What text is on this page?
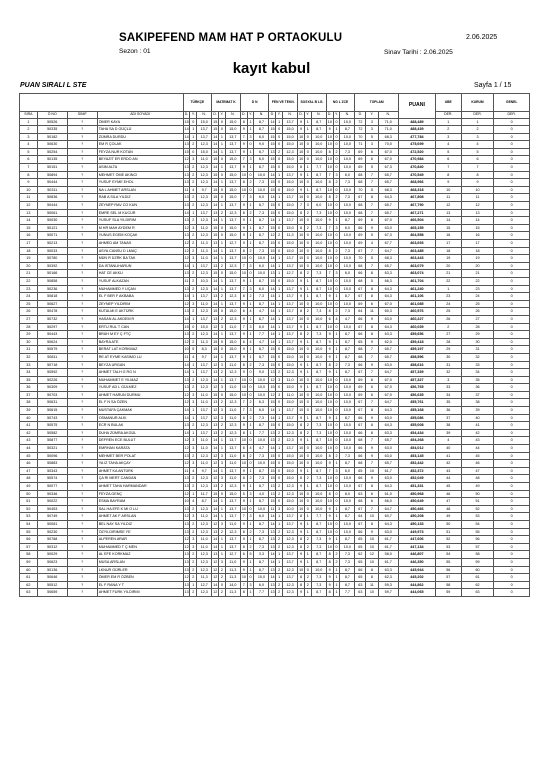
SAKIPEFEND MAM HAT P ORTAOKULU	2.06.2025
Sezon : 01	Sinav Tarihi : 2.06.2025
kayıt kabul
PUAN SIRALI L STE	Sayfa 1 / 15
				TÜRKÇE			MATEMAT K			D N			FEN VE TEKN.			SOSYAL B LG.			NG L ZCE			TOPLAM			PUANI	UBE	KURUM	GENEL
SIRA	Ö NO	SINIF	ADI SOYADI	D.	Y.	N.	D.	Y.	N.	D.	Y.	N.	D.	Y.	N.	D.	Y.	N.	D.	Y.	N.	D.	Y.	N.		DER.	DER.	DER.
1	50526	?	ÖMER KAYA	15	0	15,0	15	0	15,0	8	1	8,7	14	1	13,7	9	1	8,7	10	0	10,0	72	3	71,0	488,489	1	1	0
2	50335	?	TAHA SA D GÜÇLÜ	14	1	13,7	15	0	15,0	9	1	8,7	15	0	15,0	9	1	8,7	9	1	8,7	72	3	71,0	488,439	2	2	0
3	50182	?	ZÜMRA DURDU	14	1	13,7	14	1	13,7	7	3	6,0	15	0	15,0	10	0	10,0	10	0	10,0	70	5	68,3	477,784	3	3	0
4	50630	?	EM R ÇOLAK	13	2	12,3	14	1	13,7	9	0	9,0	15	0	15,0	10	0	10,0	10	0	10,0	71	3	70,0	475,699	4	4	0
5	50254	?	FEYZA NUR KOTAN	15	0	15,0	14	1	13,7	9	1	8,7	13	2	12,3	10	0	10,0	8	2	7,3	69	6	67,0	472,520	5	5	0
6	50135	?	BEYAZIT ER ERDO AN	12	3	11,0	15	0	15,0	7	3	6,0	15	0	15,0	10	0	10,0	10	0	10,0	69	6	67,0	470,984	6	6	0
7	50151	?	ASIM ALTA	13	2	12,3	14	1	13,7	9	1	8,7	15	0	15,0	8	1	7,7	10	0	10,0	69	5	67,3	470,840	7	7	0
8	50894	?	MEHMET ÖME AKINCI	13	2	12,3	15	0	15,0	10	0	10,0	14	1	13,7	9	1	8,7	7	3	6,0	68	7	65,7	470,549	8	8	0
9	50444	?	YUSUF EYME EHOL	13	2	12,3	14	1	13,7	8	2	7,3	15	0	15,0	10	0	10,0	8	2	7,3	68	7	65,7	468,966	9	9	0
10	50311	?	NA L AHMET ARSLAN	11	4	9,7	15	0	15,0	10	0	10,0	15	0	15,0	9	1	8,7	10	0	10,0	70	5	68,3	468,318	10	10	0
11	50836	?	RAB A SILA YILDIZ	13	2	12,3	15	0	15,0	7	3	6,0	14	1	13,7	10	0	10,0	8	2	7,3	67	8	64,3	467,808	11	11	0
12	50444	?	ZEYNEP RAV CO KUN	13	2	12,3	14	1	13,7	9	1	8,7	15	0	15,0	7	3	6,0	10	0	10,0	68	7	65,7	467,790	12	12	0
13	50061	?	EMRE SEL M KUCUR	14	1	13,7	13	2	12,3	8	2	7,3	15	0	15,0	8	2	7,3	10	0	10,0	68	7	65,7	467,271	13	13	0
14	50030	?	YUSUF SLA YILDIRIM	13	2	12,3	14	1	13,7	9	1	8,7	14	1	13,7	10	0	10,0	9	1	8,7	69	6	67,0	466,504	14	14	0
15	50121	?	M HR MAH AYDEM R	12	3	11,0	15	0	15,0	9	1	8,7	15	0	15,0	8	2	7,3	7	3	6,0	66	9	63,0	465,155	15	15	0
16	50071	?	YUNUS EGEM KOÇAK	13	2	12,3	15	0	15,0	9	1	8,7	12	2	11,3	10	0	10,0	10	0	10,0	69	5	67,3	464,558	16	16	0
17	50213	?	AHMED AM TANAS	12	2	11,3	13	1	12,7	9	1	8,7	15	0	15,0	10	0	10,0	10	0	10,0	69	4	67,7	463,693	17	17	0
18	50033	?	ASYA CANSU D LMAÇ	12	2	11,3	14	1	13,7	8	2	7,3	15	0	15,0	10	0	10,0	8	2	7,3	67	7	64,7	463,485	18	18	0
19	50780	?	MÜN R ÜZRK BA TAK	12	3	11,0	14	1	13,7	10	0	10,0	14	1	13,7	10	0	10,0	10	0	10,0	70	5	68,3	463,443	19	19	0
20	50392	?	DA ISTANLIHARUN	14	1	13,7	13	2	12,3	7	3	6,0	14	1	13,7	10	0	10,0	10	0	10,0	68	7	65,7	463,079	20	20	0
21	50166	?	HAT CE AKKU	13	2	12,3	15	0	15,0	10	0	10,0	13	1	12,7	8	2	7,3	7	3	6,0	66	8	63,3	463,074	21	21	0
22	50858	?	YUSUF ALKAZAN	11	2	10,3	14	1	13,7	9	1	8,7	15	0	15,0	9	1	8,7	10	0	10,0	68	5	66,3	461,704	22	22	0
23	50236	?	MUHAMMED Y UÇAN	13	2	12,3	14	1	13,7	7	3	6,0	14	1	13,7	9	1	8,7	10	0	10,0	67	8	64,3	461,240	1	23	0
24	50818	?	EL F BER F AKBABA	14	1	13,7	13	2	12,3	8	2	7,3	14	1	13,7	9	1	8,7	9	1	8,7	67	8	64,3	461,106	23	24	0
25	50627	?	ZEYNEP YILDIRIM	12	3	11,0	14	1	13,7	9	1	8,7	14	1	13,7	10	0	10,0	10	0	10,0	69	6	67,0	461,085	24	25	0
26	50478	?	KUTALMI E AKTÜRK	13	2	12,3	15	0	15,0	6	4	4,7	14	1	13,7	8	2	7,3	8	2	7,3	64	11	60,3	460,576	25	26	0
27	50732	?	HASAN AL AKDEM R	14	1	13,7	13	2	12,3	9	1	8,7	14	1	13,7	10	0	10,0	6	4	4,7	66	9	63,0	460,227	26	27	0
28	50297	?	ERTU RUL T CAN	15	0	15,0	12	3	11,0	7	3	6,0	14	1	13,7	9	1	8,7	10	0	10,0	67	8	64,3	460,039	2	28	0
29	50443	?	BRAH M EY Ç FTÇ	13	2	12,3	14	1	13,7	9	1	7,7	14	1	13,7	8	2	7,3	9	1	8,7	66	8	63,3	459,656	27	29	0
30	50624	?	BAYRA ATE	12	2	11,3	15	0	15,0	6	4	4,7	14	1	13,7	9	1	8,7	9	1	8,7	65	9	62,0	459,418	28	30	0
31	50579	?	BERAT LAT KORKMAZ	10	5	8,3	15	0	15,0	9	1	8,7	15	0	15,0	10	0	10,0	9	1	8,7	68	7	65,7	459,197	29	31	0
32	50811	?	RE AT EYME KASIMO LU	11	4	9,7	14	1	13,7	9	1	8,7	15	0	15,0	10	0	10,0	9	1	8,7	68	7	65,7	458,596	30	32	0
33	50718	?	BEYZA URGAN	14	1	13,7	12	3	11,0	8	2	7,3	15	0	15,0	9	1	8,7	8	2	7,3	66	9	63,0	458,616	31	33	0
34	50592	?	AHMET TALH G RG N	14	1	13,7	13	2	12,3	9	0	9,0	13	2	12,3	9	1	8,7	9	1	8,7	67	7	64,7	457,339	32	34	0
35	50226	?	MUHAMMET E YILMAZ	13	2	12,3	14	1	13,7	10	0	10,0	12	3	11,0	10	0	10,0	10	0	10,0	69	6	67,0	457,327	3	35	0
36	50309	?	YUSUF AD L GÜLMEZ	13	2	12,3	12	3	11,0	10	0	10,0	15	0	15,0	9	1	8,7	10	0	10,0	69	6	67,0	456,765	33	36	0
37	50703	?	AHMET HARUN DURMU	12	3	11,0	15	0	15,0	10	0	10,0	12	3	11,0	10	0	10,0	10	0	10,0	69	6	67,0	456,635	34	37	0
38	50631	?	EL F N SA ÖZEN	12	3	11,0	13	2	12,3	7	2	6,3	15	0	15,0	10	0	10,0	10	0	10,0	67	7	64,7	455,761	35	38	0
39	50615	?	MUSTAFA ÇAKMAK	14	1	13,7	12	3	11,0	7	3	6,0	14	1	13,7	10	0	10,0	10	0	10,0	67	8	64,3	455,168	36	39	0
40	50743	?	OSMANUR ALKI	14	1	13,7	12	3	11,0	8	2	7,3	14	1	13,7	9	1	8,7	9	1	8,7	66	9	63,0	455,086	37	40	0
41	50575	?	ECR N BULAK	13	2	12,3	13	2	12,3	9	1	8,7	15	0	15,0	8	2	7,3	10	0	10,0	67	8	64,3	455,008	38	41	0
42	50582	?	DUHA ZÜMRA AKGÜL	14	1	13,7	13	2	12,3	8	1	7,7	13	2	12,3	8	2	7,3	10	0	10,0	66	8	63,3	454,434	39	42	0
43	50877	?	DEFREN ECE BULUT	12	3	11,0	14	1	13,7	10	0	10,0	13	2	12,3	9	1	8,7	10	0	10,0	68	7	65,7	454,268	4	43	0
44	50321	?	EMRHAN KARATA	12	3	11,0	14	1	13,7	6	4	4,7	14	1	13,7	10	0	10,0	10	0	10,0	66	9	63,0	454,012	40	44	0
45	50096	?	MEHMET BER POLAT	13	2	12,3	12	3	11,0	8	2	7,3	15	0	15,0	10	0	10,0	8	2	7,3	66	9	63,0	453,145	41	45	0
46	50883	?	YA IZ TAHA AKÇAY	12	3	11,0	12	3	11,0	10	0	10,0	15	0	15,0	10	0	10,0	9	1	8,7	68	7	65,7	452,442	42	46	0
47	50343	?	AHMET KA ANTÜRK	11	4	9,7	14	1	13,7	9	1	8,7	15	0	15,0	9	1	8,7	7	3	6,0	65	10	61,7	452,372	43	47	0
48	50574	?	ÇA RI MERT CANDAN	13	2	12,3	12	3	11,0	8	2	7,3	15	0	15,0	8	2	7,3	10	0	10,0	66	9	63,0	452,049	44	48	0
49	50077	?	AHMET TAHA HARMANDAR	13	2	12,3	13	2	12,3	9	1	8,7	13	2	12,3	9	1	8,7	10	0	10,0	67	8	64,3	451,331	45	49	0
50	50346	?	FEYZA GENÇ	12	1	11,7	15	0	15,0	5	3	4,0	13	2	12,3	10	0	10,0	8	0	8,0	63	6	61,0	450,968	46	50	0
51	50022	?	ESMA BAYRAM	10	4	8,7	14	1	13,7	9	1	8,7	15	0	15,0	10	0	10,0	10	0	10,0	68	6	66,0	450,649	47	51	0
52	50453	?	SAL HA EFE K MI O LU	13	2	12,3	14	1	13,7	10	0	10,0	11	3	10,0	10	0	10,0	9	1	8,7	67	7	64,7	450,466	48	52	0
53	50749	?	AHMET AK F ARSLAN	12	3	11,0	14	1	13,7	7	3	6,0	14	1	13,7	8	1	7,7	9	1	8,7	64	10	60,7	450,208	49	53	0
54	50081	?	BEL NAY SA YILDIZ	13	2	12,3	12	3	11,0	9	1	8,7	14	1	13,7	9	1	8,7	10	0	10,0	67	8	64,3	450,133	50	54	0
55	50230	?	ÖZYILDIRIMSE YE	13	2	12,3	13	2	12,3	8	2	7,3	13	2	12,3	9	1	8,7	10	0	10,0	66	9	63,0	449,973	51	55	0
56	50768	?	ALPEREN ARAR	12	3	11,0	14	1	13,7	9	1	8,7	13	2	12,3	8	2	7,3	9	1	8,7	65	10	61,7	447,606	52	56	0
57	50312	?	MUHAMMED T Ç MEN	12	3	11,0	14	1	13,7	8	2	7,3	13	2	12,3	8	2	7,3	10	0	10,0	65	10	61,7	447,134	53	57	0
58	50029	?	AL EFE KORKMAZ	13	2	12,3	13	1	12,7	6	5	3,3	14	1	13,7	9	1	8,7	8	2	7,3	62	12	58,0	446,807	54	58	0
59	50623	?	MUSA ARSLAN	13	2	12,3	12	3	11,0	9	1	8,7	14	1	13,7	9	1	8,7	8	2	7,3	65	10	61,7	446,350	55	59	0
60	50136	?	LKNUR GÜRLER	13	2	12,3	12	2	11,3	9	1	8,7	13	2	12,3	10	0	10,0	9	1	8,7	66	8	63,3	445,944	56	60	0
61	50646	?	ÖMER EM R ÖZBEN	12	2	11,3	12	2	11,3	10	0	10,0	14	1	13,7	8	2	7,3	9	1	8,7	65	8	62,3	445,202	57	61	0
62	50512	?	EL F RANA Y T	13	1	12,7	14	0	14,0	7	3	6,0	13	2	12,3	8	2	7,3	9	1	8,7	63	11	59,3	444,862	58	62	0
63	50659	?	AHMET FURK YILDIRIM	13	2	12,3	12	2	11,3	8	1	7,7	13	2	12,3	9	1	8,7	8	1	7,7	63	10	59,7	444,065	59	63	0
